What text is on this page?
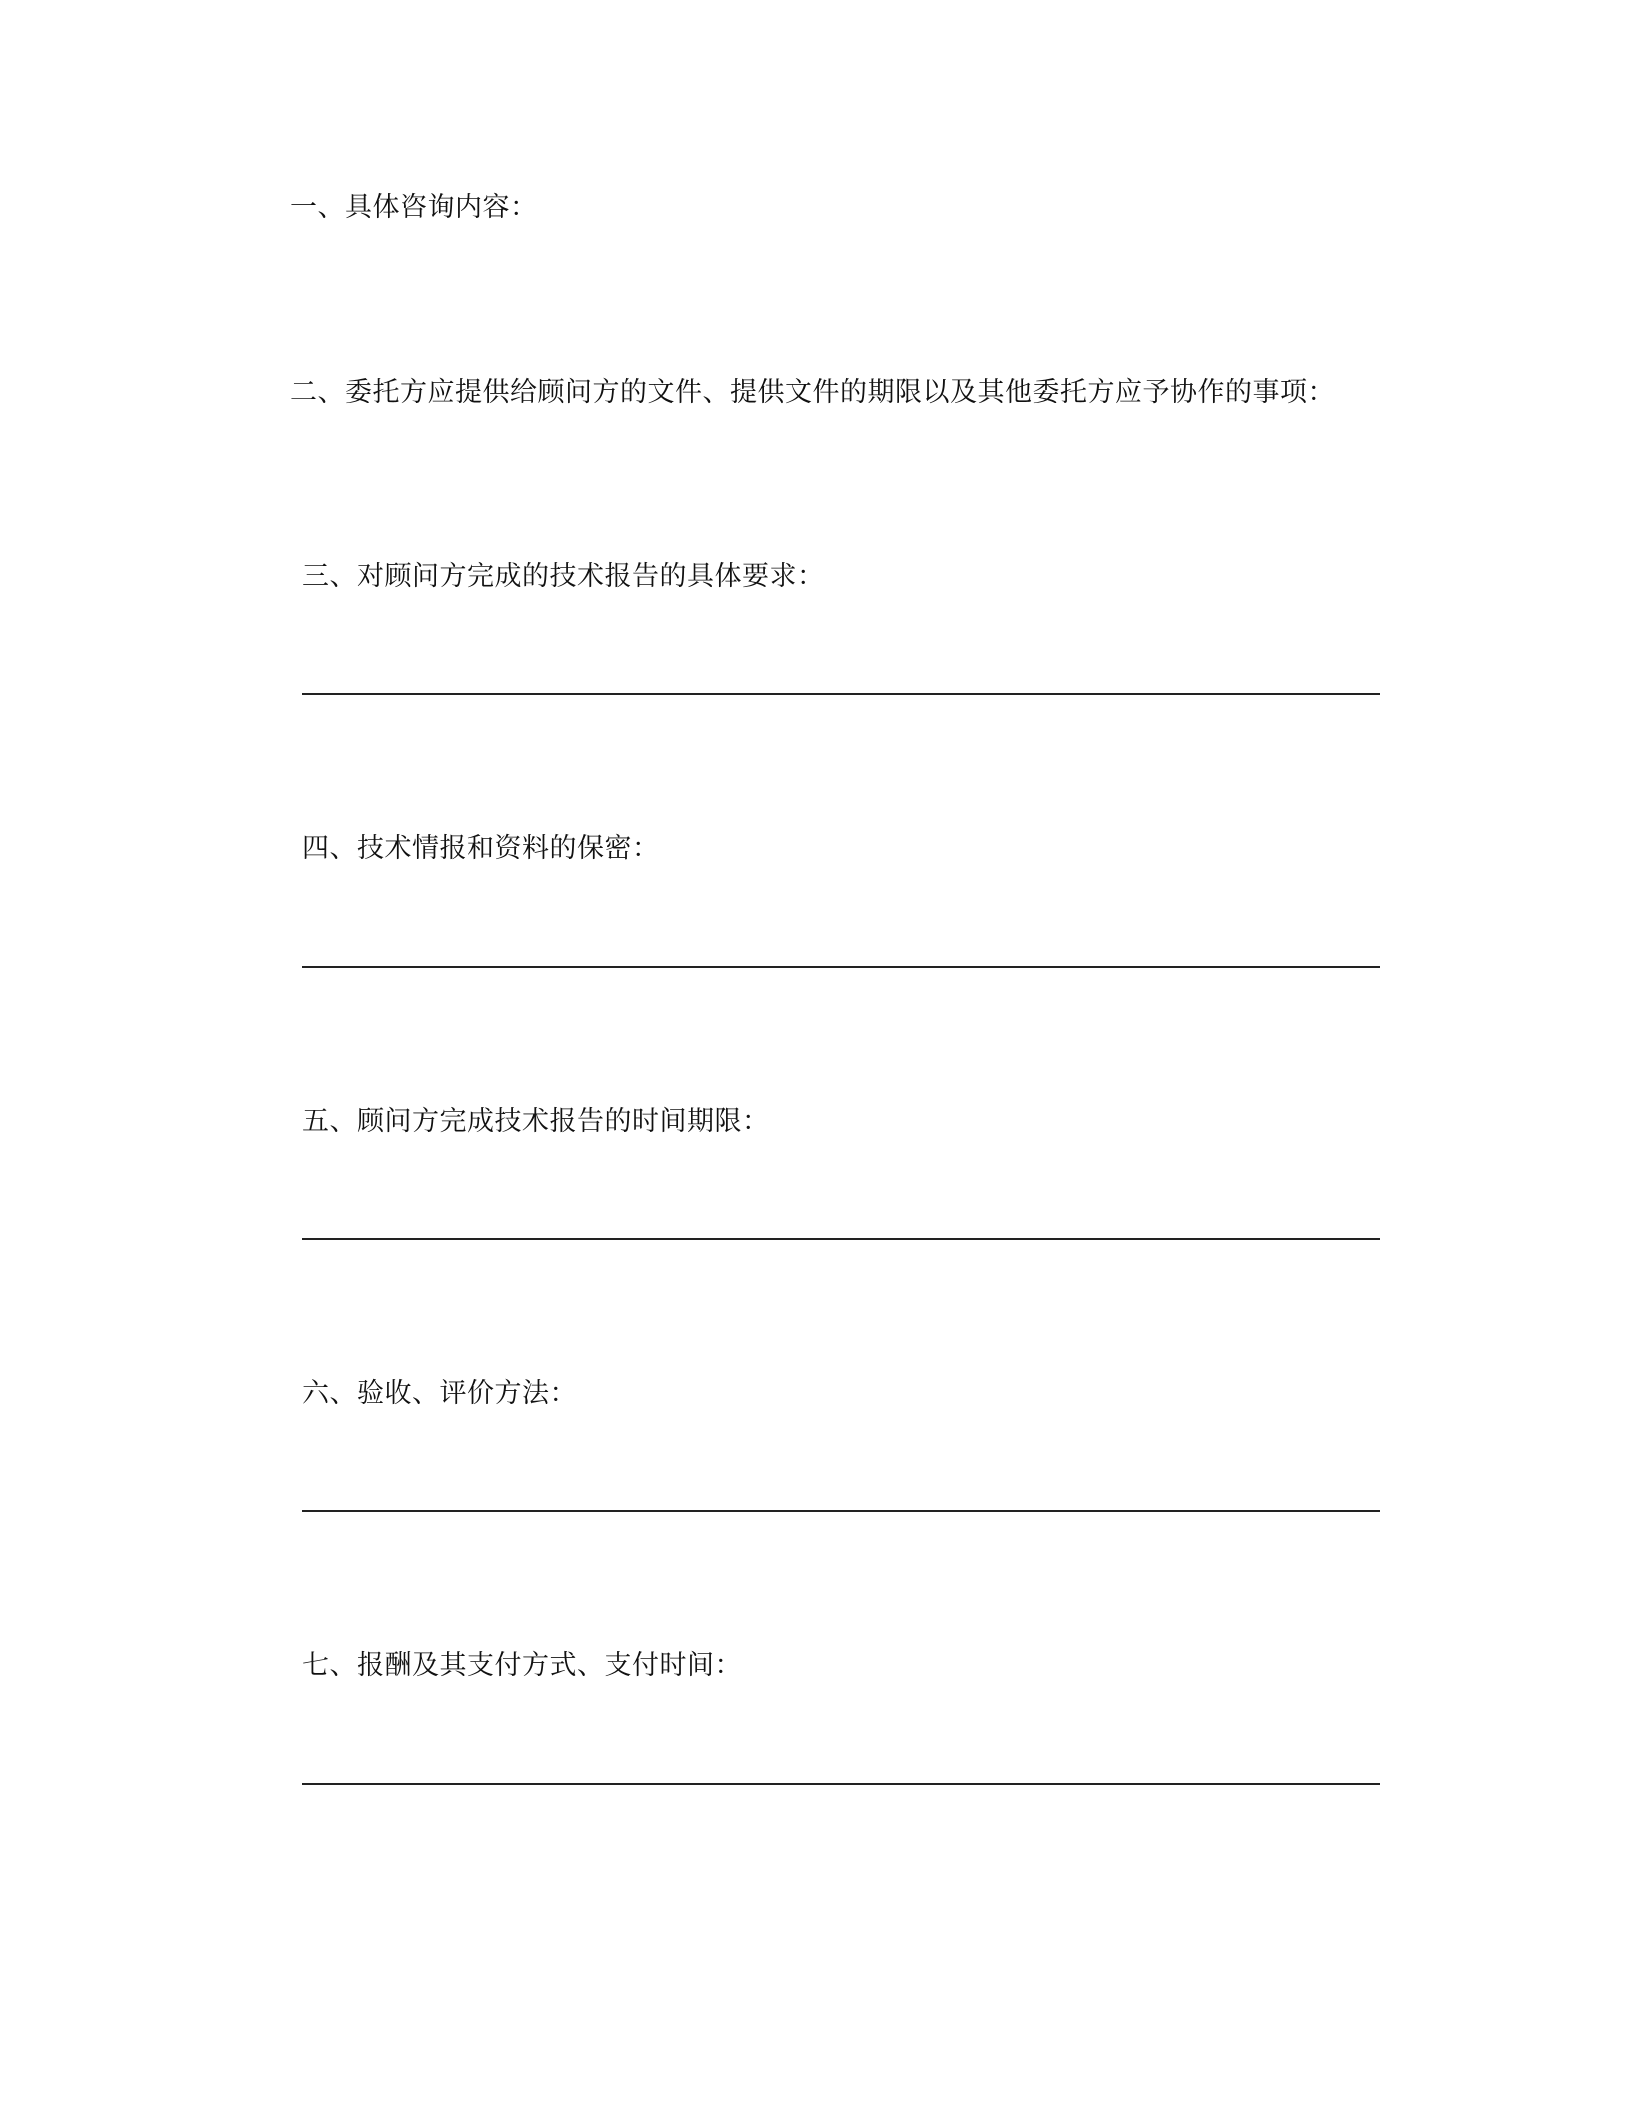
一、具体咨询内容：
二、委托方应提供给顾问方的文件、提供文件的期限以及其他委托方应予协作的事项：
三、对顾问方完成的技术报告的具体要求：
四、技术情报和资料的保密：
五、顾问方完成技术报告的时间期限：
六、验收、评价方法：
七、报酬及其支付方式、支付时间：
